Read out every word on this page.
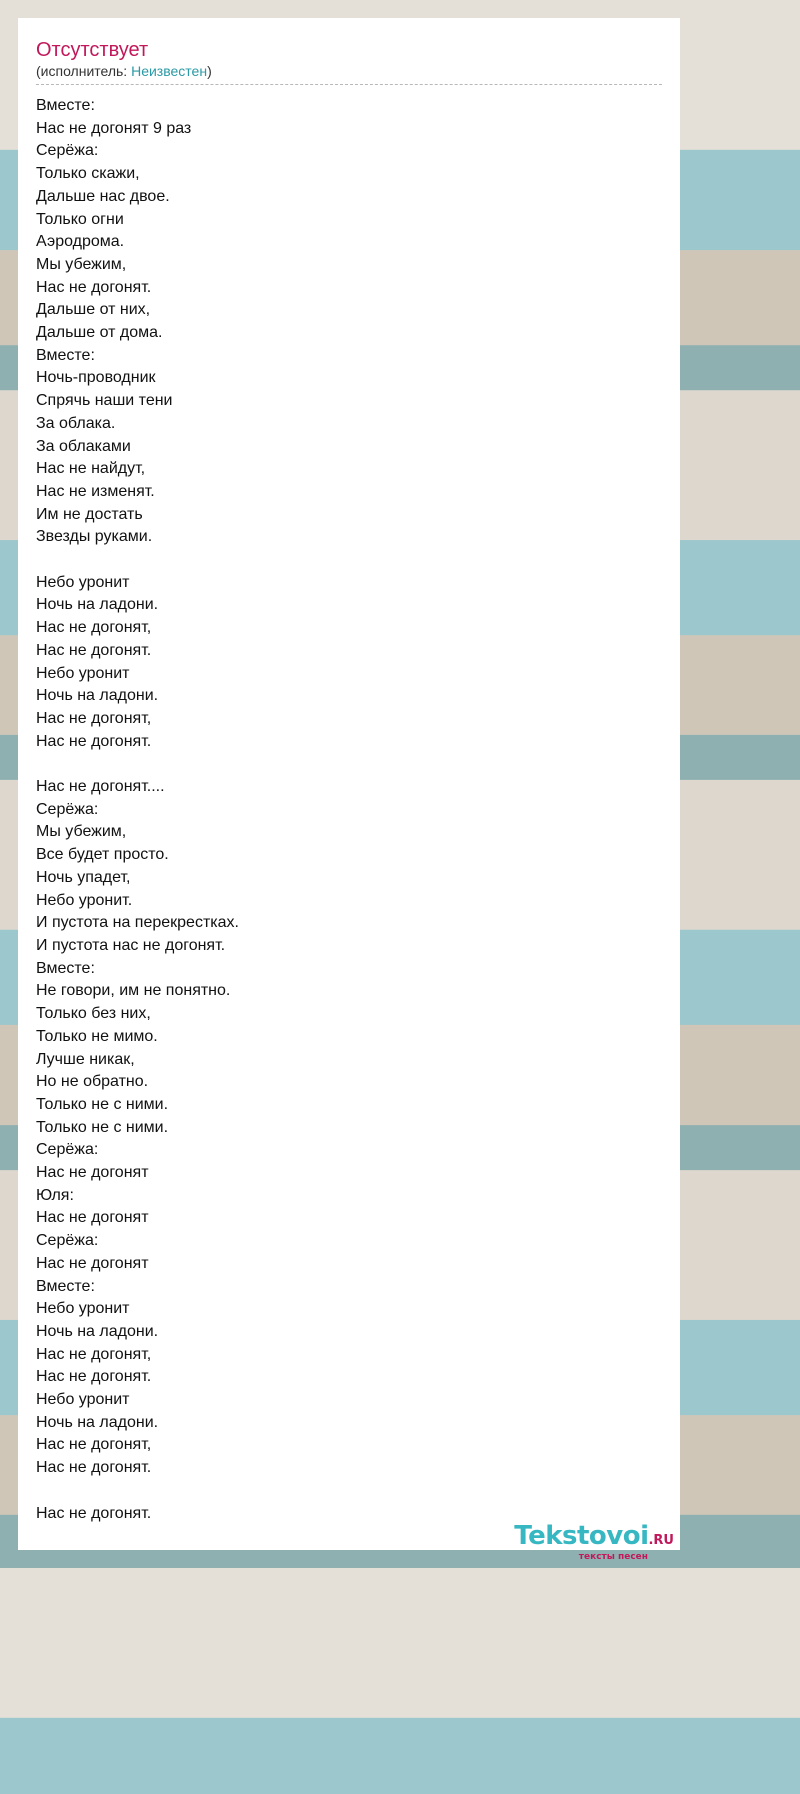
Отсутствует
(исполнитель: Неизвестен)
Вместе:
Нас не догонят 9 раз
Серёжа:
Только скажи,
Дальше нас двое.
Только огни
Аэродрома.
Мы убежим,
Нас не догонят.
Дальше от них,
Дальше от дома.
Вместе:
Ночь-проводник
Спрячь наши тени
За облака.
За облаками
Нас не найдут,
Нас не изменят.
Им не достать
Звезды руками.
Небо уронит
Ночь на ладони.
Нас не догонят,
Нас не догонят.
Небо уронит
Ночь на ладони.
Нас не догонят,
Нас не догонят.
Нас не догонят....
Серёжа:
Мы убежим,
Все будет просто.
Ночь упадет,
Небо уронит.
И пустота на перекрестках.
И пустота нас не догонят.
Вместе:
Не говори, им не понятно.
Только без них,
Только не мимо.
Лучше никак,
Но не обратно.
Только не с ними.
Только не с ними.
Серёжа:
Нас не догонят
Юля:
Нас не догонят
Серёжа:
Нас не догонят
Вместе:
Небо уронит
Ночь на ладони.
Нас не догонят,
Нас не догонят.
Небо уронит
Ночь на ладони.
Нас не догонят,
Нас не догонят.
Нас не догонят.
Tekstovoi.RU
тексты песен
